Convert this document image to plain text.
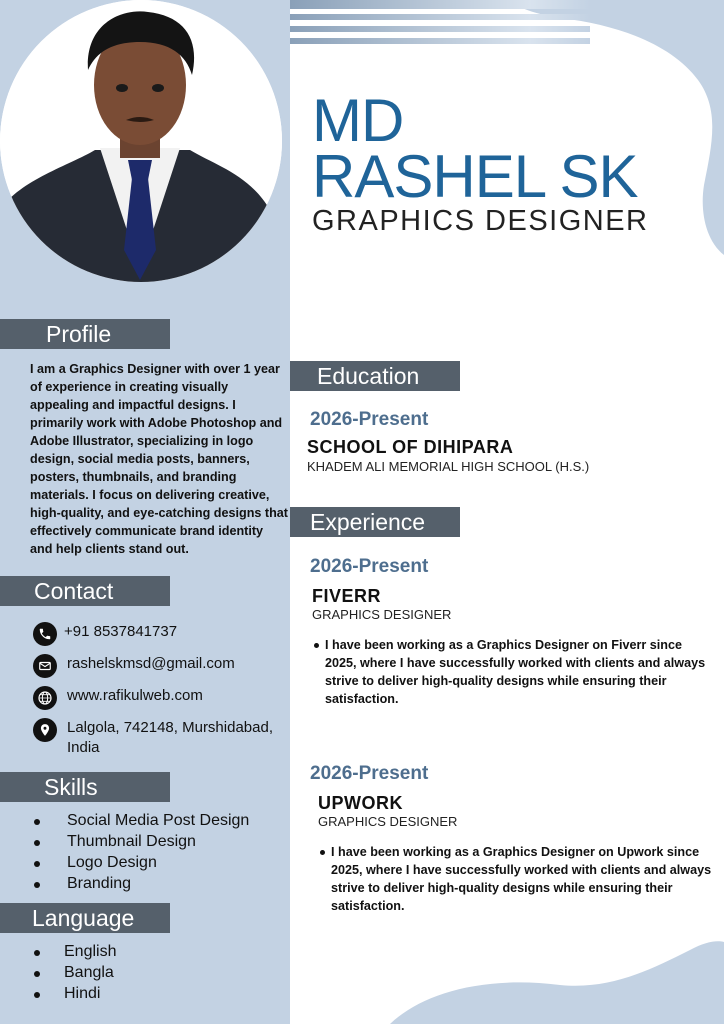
MD
RASHEL SK
GRAPHICS DESIGNER
Profile

I am a Graphics Designer with over 1 year of experience in creating visually appealing and impactful designs. I primarily work with Adobe Photoshop and Adobe Illustrator, specializing in logo design, social media posts, banners, posters, thumbnails, and branding materials. I focus on delivering creative, high-quality, and eye-catching designs that effectively communicate brand identity and help clients stand out.

Contact
+91 8537841737
rashelskmsd@gmail.com
www.rafikulweb.com
Lalgola, 742148, Murshidabad, India
Skills
Social Media Post Design
Thumbnail Design
Logo Design
Branding
Language
English
Bangla
Hindi
Education
2026-Present
SCHOOL OF DIHIPARA
KHADEM ALI MEMORIAL HIGH SCHOOL (H.S.)
Experience
2026-Present
FIVERR
GRAPHICS DESIGNER

I have been working as a Graphics Designer on Fiverr since 2025, where I have successfully worked with clients and always strive to deliver high-quality designs while ensuring their satisfaction.

2026-Present
UPWORK
GRAPHICS DESIGNER

I have been working as a Graphics Designer on Upwork since 2025, where I have successfully worked with clients and always strive to deliver high-quality designs while ensuring their satisfaction.
